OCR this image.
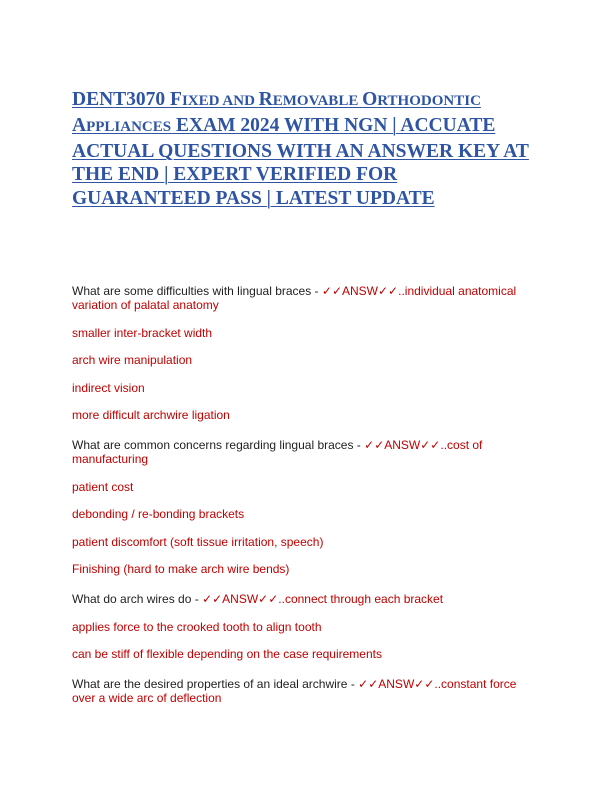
DENT3070 FIXED AND REMOVABLE ORTHODONTIC
APPLIANCES EXAM 2024 WITH NGN | ACCUATE ACTUAL QUESTIONS WITH AN ANSWER KEY AT THE END | EXPERT VERIFIED FOR GUARANTEED PASS | LATEST UPDATE
What are some difficulties with lingual braces - ✓✓ANSW✓✓..individual anatomical variation of palatal anatomy
smaller inter-bracket width
arch wire manipulation
indirect vision
more difficult archwire ligation
What are common concerns regarding lingual braces - ✓✓ANSW✓✓..cost of manufacturing
patient cost
debonding / re-bonding brackets
patient discomfort (soft tissue irritation, speech)
Finishing (hard to make arch wire bends)
What do arch wires do - ✓✓ANSW✓✓..connect through each bracket
applies force to the crooked tooth to align tooth
can be stiff of flexible depending on the case requirements
What are the desired properties of an ideal archwire - ✓✓ANSW✓✓..constant force over a wide arc of deflection
